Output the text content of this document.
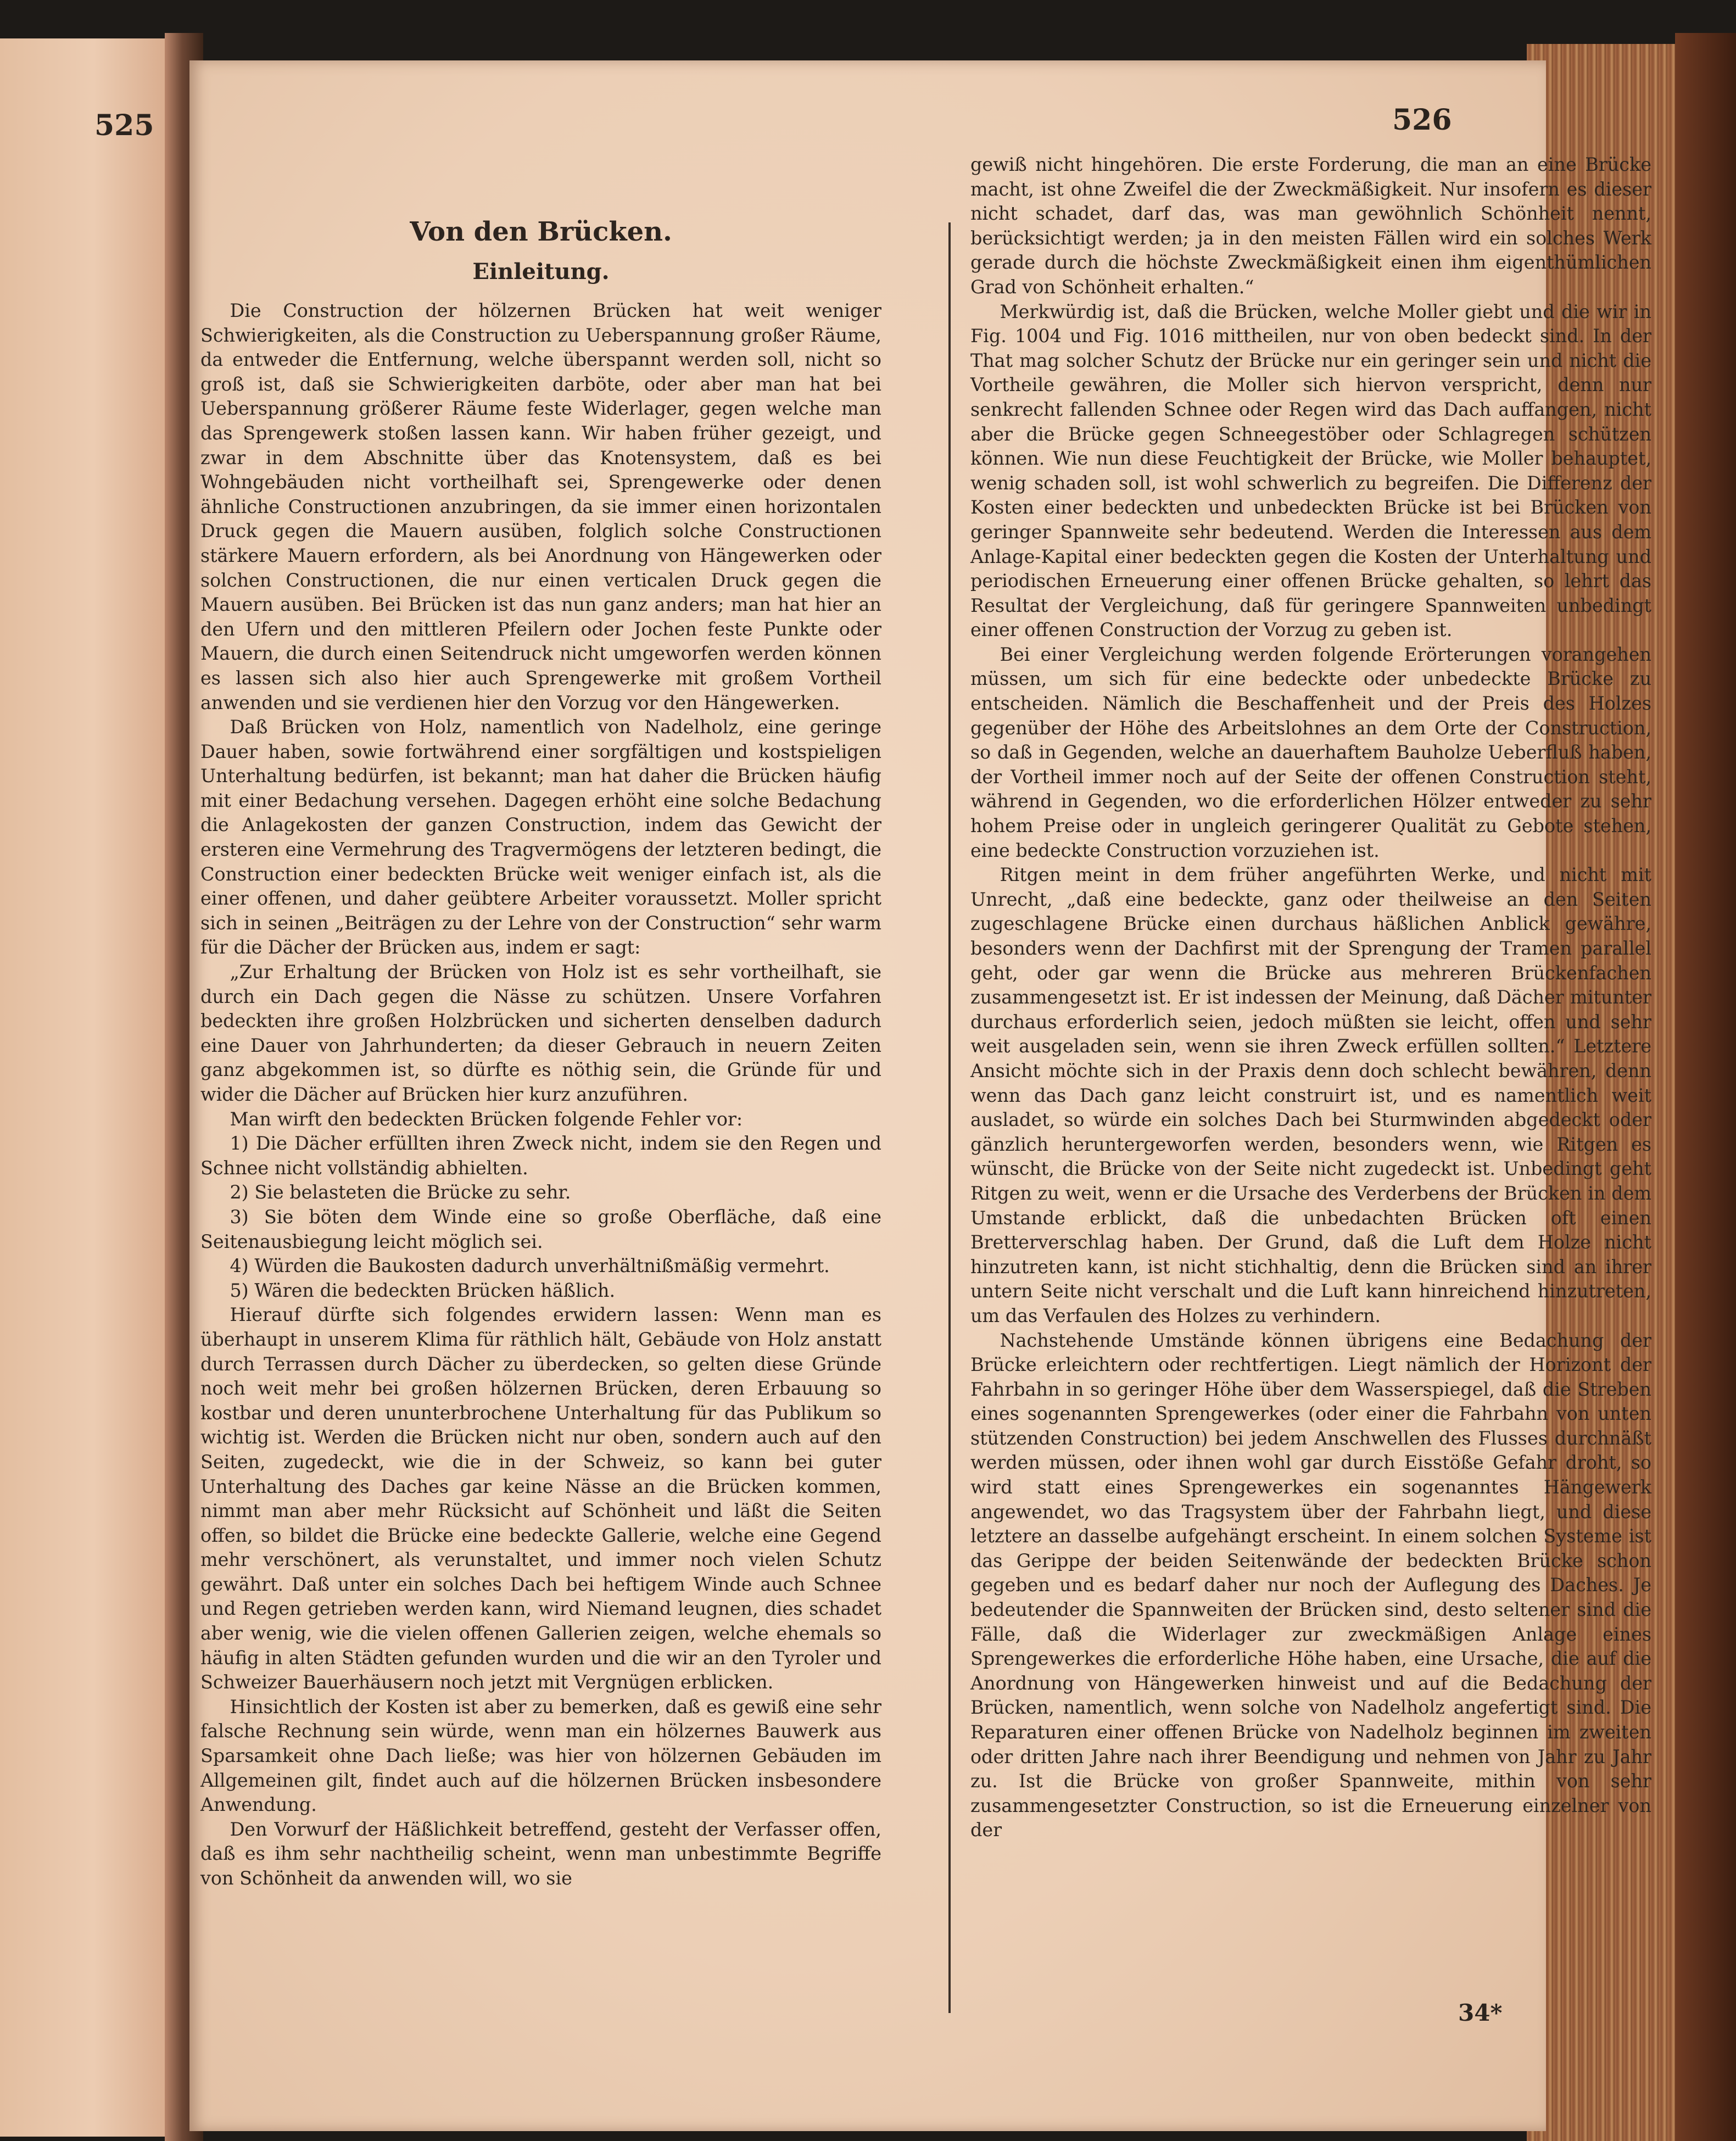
525	526

Von den Brücken.

Einleitung.

Die Construction der hölzernen Brücken hat weit weniger Schwierigkeiten, als die Construction zu Ueberspannung großer Räume, da entweder die Entfernung, welche überspannt werden soll, nicht so groß ist, daß sie Schwierigkeiten darböte, oder aber man hat bei Ueberspannung größerer Räume feste Widerlager, gegen welche man das Sprengewerk stoßen lassen kann. Wir haben früher gezeigt, und zwar in dem Abschnitte über das Knotensystem, daß es bei Wohngebäuden nicht vortheilhaft sei, Sprengewerke oder denen ähnliche Constructionen anzubringen, da sie immer einen horizontalen Druck gegen die Mauern ausüben, folglich solche Constructionen stärkere Mauern erfordern, als bei Anordnung von Hängewerken oder solchen Constructionen, die nur einen verticalen Druck gegen die Mauern ausüben. Bei Brücken ist das nun ganz anders; man hat hier an den Ufern und den mittleren Pfeilern oder Jochen feste Punkte oder Mauern, die durch einen Seitendruck nicht umgeworfen werden können es lassen sich also hier auch Sprengewerke mit großem Vortheil anwenden und sie verdienen hier den Vorzug vor den Hängewerken.

Daß Brücken von Holz, namentlich von Nadelholz, eine geringe Dauer haben, sowie fortwährend einer sorgfältigen und kostspieligen Unterhaltung bedürfen, ist bekannt; man hat daher die Brücken häufig mit einer Bedachung versehen. Dagegen erhöht eine solche Bedachung die Anlagekosten der ganzen Construction, indem das Gewicht der ersteren eine Vermehrung des Tragvermögens der letzteren bedingt, die Construction einer bedeckten Brücke weit weniger einfach ist, als die einer offenen, und daher geübtere Arbeiter voraussetzt. Moller spricht sich in seinen „Beiträgen zu der Lehre von der Construction“ sehr warm für die Dächer der Brücken aus, indem er sagt:

„Zur Erhaltung der Brücken von Holz ist es sehr vortheilhaft, sie durch ein Dach gegen die Nässe zu schützen. Unsere Vorfahren bedeckten ihre großen Holzbrücken und sicherten denselben dadurch eine Dauer von Jahrhunderten; da dieser Gebrauch in neuern Zeiten ganz abgekommen ist, so dürfte es nöthig sein, die Gründe für und wider die Dächer auf Brücken hier kurz anzuführen.

Man wirft den bedeckten Brücken folgende Fehler vor:

1) Die Dächer erfüllten ihren Zweck nicht, indem sie den Regen und Schnee nicht vollständig abhielten.

2) Sie belasteten die Brücke zu sehr.

3) Sie böten dem Winde eine so große Oberfläche, daß eine Seitenausbiegung leicht möglich sei.

4) Würden die Baukosten dadurch unverhältnißmäßig vermehrt.

5) Wären die bedeckten Brücken häßlich.

Hierauf dürfte sich folgendes erwidern lassen: Wenn man es überhaupt in unserem Klima für räthlich hält, Gebäude von Holz anstatt durch Terrassen durch Dächer zu überdecken, so gelten diese Gründe noch weit mehr bei großen hölzernen Brücken, deren Erbauung so kostbar und deren ununterbrochene Unterhaltung für das Publikum so wichtig ist. Werden die Brücken nicht nur oben, sondern auch auf den Seiten, zugedeckt, wie die in der Schweiz, so kann bei guter Unterhaltung des Daches gar keine Nässe an die Brücken kommen, nimmt man aber mehr Rücksicht auf Schönheit und läßt die Seiten offen, so bildet die Brücke eine bedeckte Gallerie, welche eine Gegend mehr verschönert, als verunstaltet, und immer noch vielen Schutz gewährt. Daß unter ein solches Dach bei heftigem Winde auch Schnee und Regen getrieben werden kann, wird Niemand leugnen, dies schadet aber wenig, wie die vielen offenen Gallerien zeigen, welche ehemals so häufig in alten Städten gefunden wurden und die wir an den Tyroler und Schweizer Bauerhäusern noch jetzt mit Vergnügen erblicken.

Hinsichtlich der Kosten ist aber zu bemerken, daß es gewiß eine sehr falsche Rechnung sein würde, wenn man ein hölzernes Bauwerk aus Sparsamkeit ohne Dach ließe; was hier von hölzernen Gebäuden im Allgemeinen gilt, findet auch auf die hölzernen Brücken insbesondere Anwendung.

Den Vorwurf der Häßlichkeit betreffend, gesteht der Verfasser offen, daß es ihm sehr nachtheilig scheint, wenn man unbestimmte Begriffe von Schönheit da anwenden will, wo sie

gewiß nicht hingehören. Die erste Forderung, die man an eine Brücke macht, ist ohne Zweifel die der Zweckmäßigkeit. Nur insofern es dieser nicht schadet, darf das, was man gewöhnlich Schönheit nennt, berücksichtigt werden; ja in den meisten Fällen wird ein solches Werk gerade durch die höchste Zweckmäßigkeit einen ihm eigenthümlichen Grad von Schönheit erhalten.“

Merkwürdig ist, daß die Brücken, welche Moller giebt und die wir in Fig. 1004 und Fig. 1016 mittheilen, nur von oben bedeckt sind. In der That mag solcher Schutz der Brücke nur ein geringer sein und nicht die Vortheile gewähren, die Moller sich hiervon verspricht, denn nur senkrecht fallenden Schnee oder Regen wird das Dach auffangen, nicht aber die Brücke gegen Schneegestöber oder Schlagregen schützen können. Wie nun diese Feuchtigkeit der Brücke, wie Moller behauptet, wenig schaden soll, ist wohl schwerlich zu begreifen. Die Differenz der Kosten einer bedeckten und unbedeckten Brücke ist bei Brücken von geringer Spannweite sehr bedeutend. Werden die Interessen aus dem Anlage-Kapital einer bedeckten gegen die Kosten der Unterhaltung und periodischen Erneuerung einer offenen Brücke gehalten, so lehrt das Resultat der Vergleichung, daß für geringere Spannweiten unbedingt einer offenen Construction der Vorzug zu geben ist.

Bei einer Vergleichung werden folgende Erörterungen vorangehen müssen, um sich für eine bedeckte oder unbedeckte Brücke zu entscheiden. Nämlich die Beschaffenheit und der Preis des Holzes gegenüber der Höhe des Arbeitslohnes an dem Orte der Construction, so daß in Gegenden, welche an dauerhaftem Bauholze Ueberfluß haben, der Vortheil immer noch auf der Seite der offenen Construction steht, während in Gegenden, wo die erforderlichen Hölzer entweder zu sehr hohem Preise oder in ungleich geringerer Qualität zu Gebote stehen, eine bedeckte Construction vorzuziehen ist.

Ritgen meint in dem früher angeführten Werke, und nicht mit Unrecht, „daß eine bedeckte, ganz oder theilweise an den Seiten zugeschlagene Brücke einen durchaus häßlichen Anblick gewähre, besonders wenn der Dachfirst mit der Sprengung der Tramen parallel geht, oder gar wenn die Brücke aus mehreren Brückenfachen zusammengesetzt ist. Er ist indessen der Meinung, daß Dächer mitunter durchaus erforderlich seien, jedoch müßten sie leicht, offen und sehr weit ausgeladen sein, wenn sie ihren Zweck erfüllen sollten.“ Letztere Ansicht möchte sich in der Praxis denn doch schlecht bewähren, denn wenn das Dach ganz leicht construirt ist, und es namentlich weit ausladet, so würde ein solches Dach bei Sturmwinden abgedeckt oder gänzlich heruntergeworfen werden, besonders wenn, wie Ritgen es wünscht, die Brücke von der Seite nicht zugedeckt ist. Unbedingt geht Ritgen zu weit, wenn er die Ursache des Verderbens der Brücken in dem Umstande erblickt, daß die unbedachten Brücken oft einen Bretterverschlag haben. Der Grund, daß die Luft dem Holze nicht hinzutreten kann, ist nicht stichhaltig, denn die Brücken sind an ihrer untern Seite nicht verschalt und die Luft kann hinreichend hinzutreten, um das Verfaulen des Holzes zu verhindern.

Nachstehende Umstände können übrigens eine Bedachung der Brücke erleichtern oder rechtfertigen. Liegt nämlich der Horizont der Fahrbahn in so geringer Höhe über dem Wasserspiegel, daß die Streben eines sogenannten Sprengewerkes (oder einer die Fahrbahn von unten stützenden Construction) bei jedem Anschwellen des Flusses durchnäßt werden müssen, oder ihnen wohl gar durch Eisstöße Gefahr droht, so wird statt eines Sprengewerkes ein sogenanntes Hängewerk angewendet, wo das Tragsystem über der Fahrbahn liegt, und diese letztere an dasselbe aufgehängt erscheint. In einem solchen Systeme ist das Gerippe der beiden Seitenwände der bedeckten Brücke schon gegeben und es bedarf daher nur noch der Auflegung des Daches. Je bedeutender die Spannweiten der Brücken sind, desto seltener sind die Fälle, daß die Widerlager zur zweckmäßigen Anlage eines Sprengewerkes die erforderliche Höhe haben, eine Ursache, die auf die Anordnung von Hängewerken hinweist und auf die Bedachung der Brücken, namentlich, wenn solche von Nadelholz angefertigt sind. Die Reparaturen einer offenen Brücke von Nadelholz beginnen im zweiten oder dritten Jahre nach ihrer Beendigung und nehmen von Jahr zu Jahr zu. Ist die Brücke von großer Spannweite, mithin von sehr zusammengesetzter Construction, so ist die Erneuerung einzelner von der

34*
